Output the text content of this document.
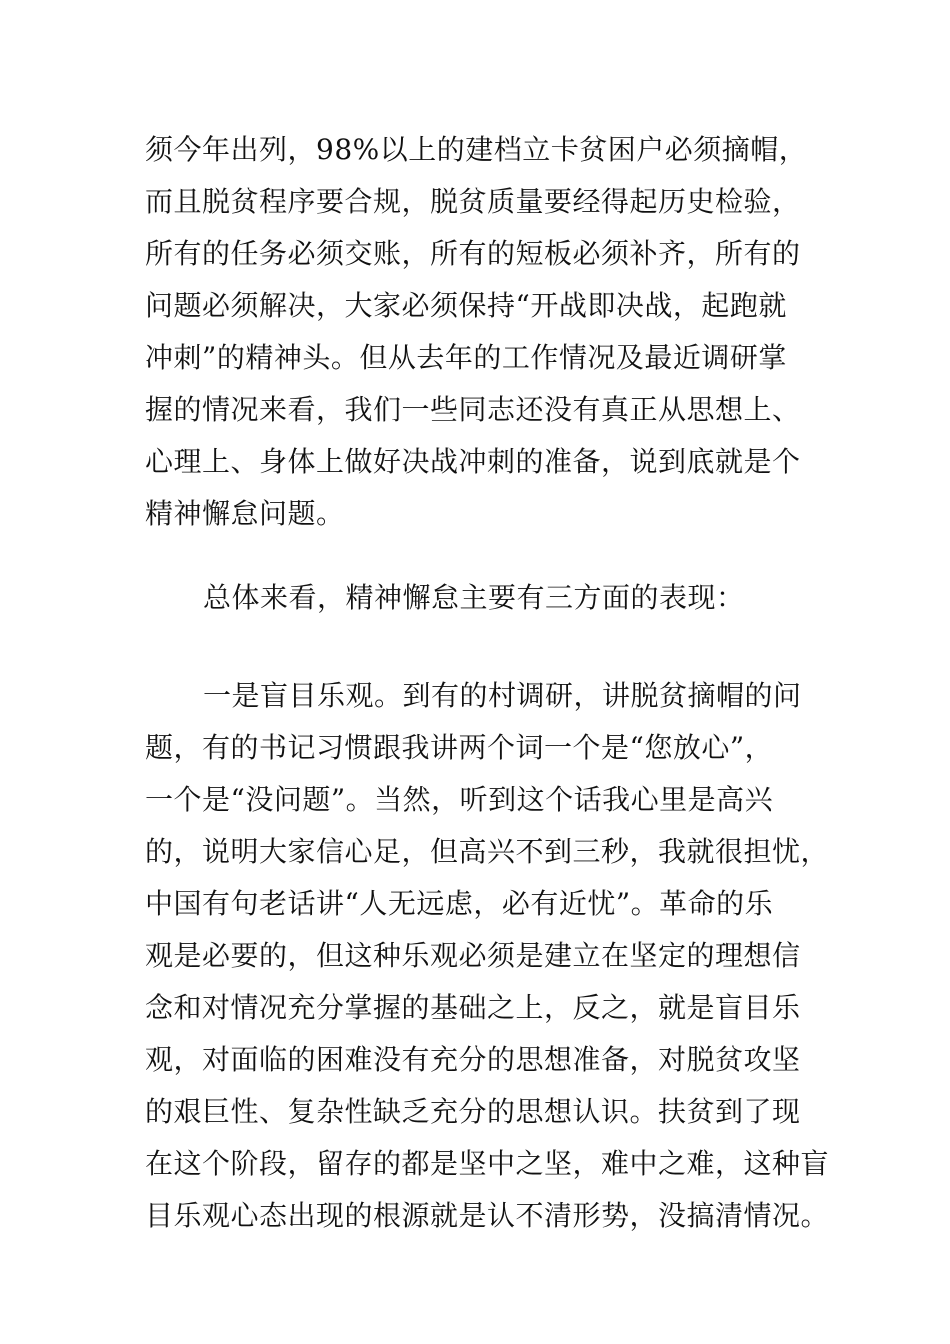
须今年出列，98%以上的建档立卡贫困户必须摘帽，
而且脱贫程序要合规，脱贫质量要经得起历史检验，
所有的任务必须交账，所有的短板必须补齐，所有的
问题必须解决，大家必须保持“开战即决战，起跑就
冲刺”的精神头。但从去年的工作情况及最近调研掌
握的情况来看，我们一些同志还没有真正从思想上、
心理上、身体上做好决战冲刺的准备，说到底就是个
精神懈怠问题。
总体来看，精神懈怠主要有三方面的表现：
一是盲目乐观。到有的村调研，讲脱贫摘帽的问
题，有的书记习惯跟我讲两个词一个是“您放心”，
一个是“没问题”。当然，听到这个话我心里是高兴
的，说明大家信心足，但高兴不到三秒，我就很担忧，
中国有句老话讲“人无远虑，必有近忧”。革命的乐
观是必要的，但这种乐观必须是建立在坚定的理想信
念和对情况充分掌握的基础之上，反之，就是盲目乐
观，对面临的困难没有充分的思想准备，对脱贫攻坚
的艰巨性、复杂性缺乏充分的思想认识。扶贫到了现
在这个阶段，留存的都是坚中之坚，难中之难，这种盲
目乐观心态出现的根源就是认不清形势，没搞清情况。
